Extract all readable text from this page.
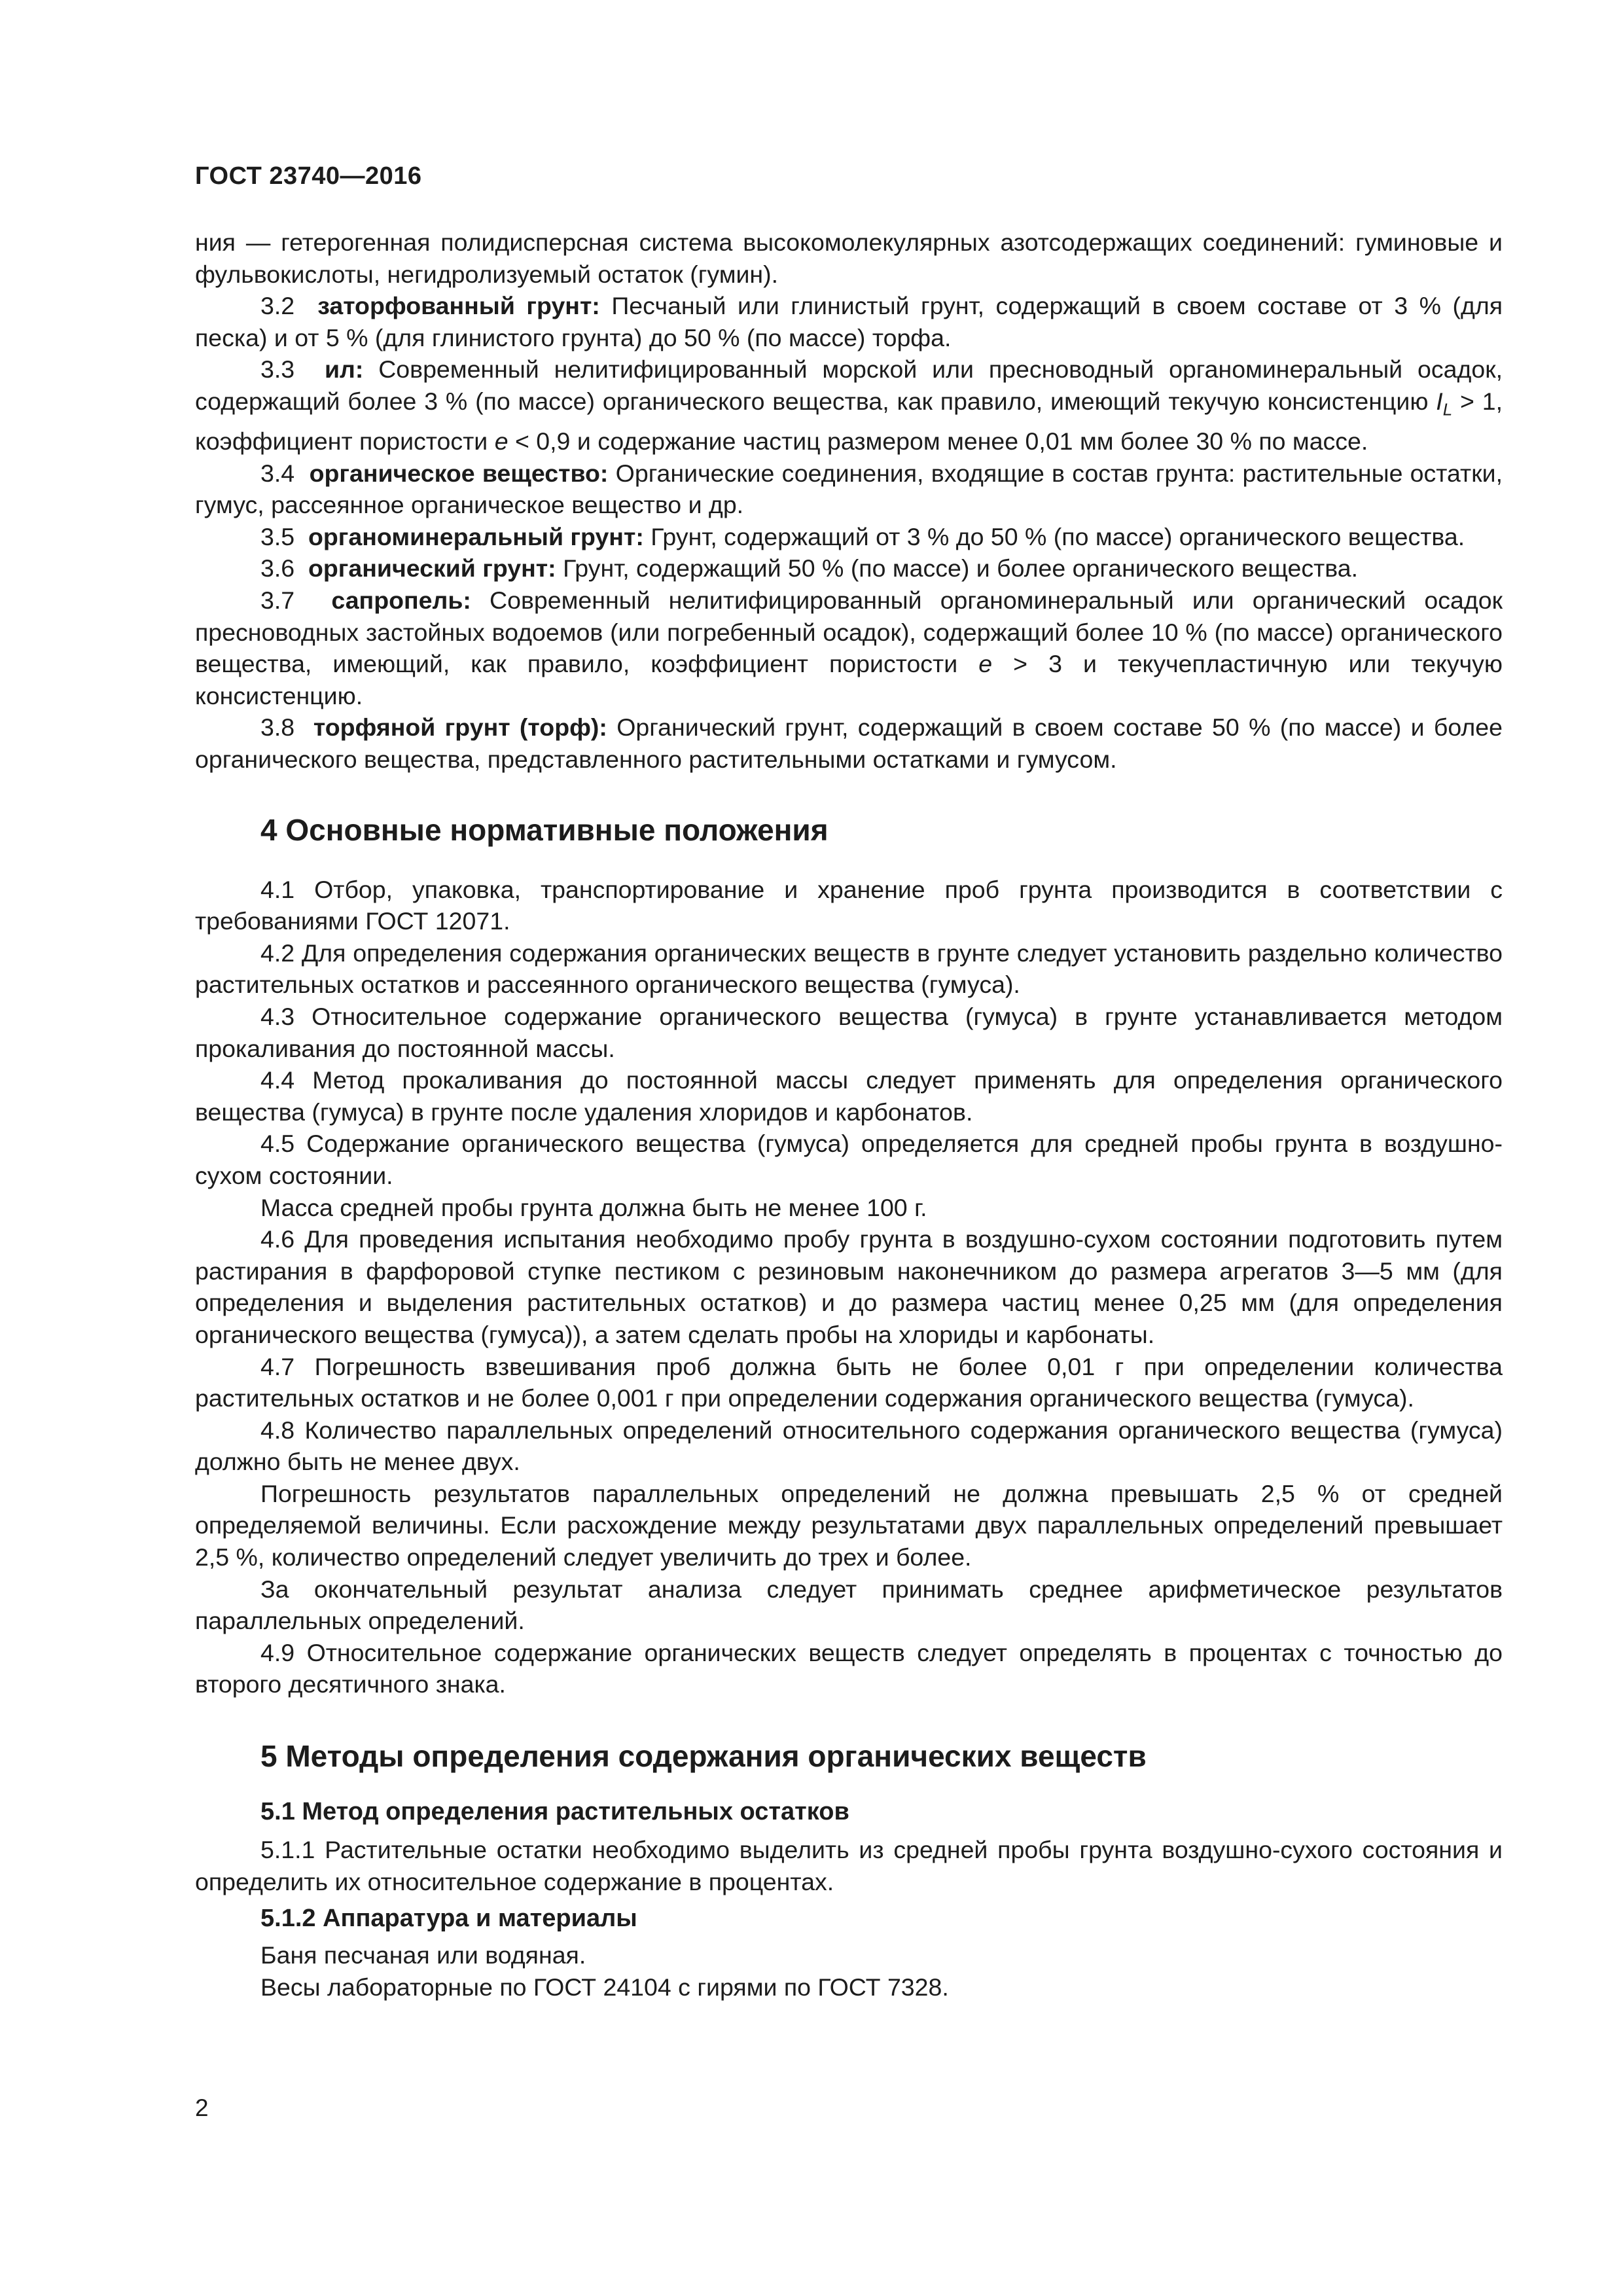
ГОСТ 23740—2016

ния — гетерогенная полидисперсная система высокомолекулярных азотсодержащих соединений: гуминовые и фульвокислоты, негидролизуемый остаток (гумин).

3.2 заторфованный грунт: Песчаный или глинистый грунт, содержащий в своем составе от 3 % (для песка) и от 5 % (для глинистого грунта) до 50 % (по массе) торфа.

3.3 ил: Современный нелитифицированный морской или пресноводный органоминеральный осадок, содержащий более 3 % (по массе) органического вещества, как правило, имеющий текучую консистенцию $I_L > 1$, коэффициент пористости e < 0,9 и содержание частиц размером менее 0,01 мм более 30 % по массе.

3.4 органическое вещество: Органические соединения, входящие в состав грунта: растительные остатки, гумус, рассеянное органическое вещество и др.

3.5 органоминеральный грунт: Грунт, содержащий от 3 % до 50 % (по массе) органического вещества.

3.6 органический грунт: Грунт, содержащий 50 % (по массе) и более органического вещества.

3.7 сапропель: Современный нелитифицированный органоминеральный или органический осадок пресноводных застойных водоемов (или погребенный осадок), содержащий более 10 % (по массе) органического вещества, имеющий, как правило, коэффициент пористости e > 3 и текучепластичную или текучую консистенцию.

3.8 торфяной грунт (торф): Органический грунт, содержащий в своем составе 50 % (по массе) и более органического вещества, представленного растительными остатками и гумусом.

4 Основные нормативные положения

4.1 Отбор, упаковка, транспортирование и хранение проб грунта производится в соответствии с требованиями ГОСТ 12071.

4.2 Для определения содержания органических веществ в грунте следует установить раздельно количество растительных остатков и рассеянного органического вещества (гумуса).

4.3 Относительное содержание органического вещества (гумуса) в грунте устанавливается методом прокаливания до постоянной массы.

4.4 Метод прокаливания до постоянной массы следует применять для определения органического вещества (гумуса) в грунте после удаления хлоридов и карбонатов.

4.5 Содержание органического вещества (гумуса) определяется для средней пробы грунта в воздушно-сухом состоянии.

Масса средней пробы грунта должна быть не менее 100 г.

4.6 Для проведения испытания необходимо пробу грунта в воздушно-сухом состоянии подготовить путем растирания в фарфоровой ступке пестиком с резиновым наконечником до размера агрегатов 3—5 мм (для определения и выделения растительных остатков) и до размера частиц менее 0,25 мм (для определения органического вещества (гумуса)), а затем сделать пробы на хлориды и карбонаты.

4.7 Погрешность взвешивания проб должна быть не более 0,01 г при определении количества растительных остатков и не более 0,001 г при определении содержания органического вещества (гумуса).

4.8 Количество параллельных определений относительного содержания органического вещества (гумуса) должно быть не менее двух.

Погрешность результатов параллельных определений не должна превышать 2,5 % от средней определяемой величины. Если расхождение между результатами двух параллельных определений превышает 2,5 %, количество определений следует увеличить до трех и более.

За окончательный результат анализа следует принимать среднее арифметическое результатов параллельных определений.

4.9 Относительное содержание органических веществ следует определять в процентах с точностью до второго десятичного знака.

5 Методы определения содержания органических веществ
5.1 Метод определения растительных остатков

5.1.1 Растительные остатки необходимо выделить из средней пробы грунта воздушно-сухого состояния и определить их относительное содержание в процентах.

5.1.2 Аппаратура и материалы

Баня песчаная или водяная.

Весы лабораторные по ГОСТ 24104 с гирями по ГОСТ 7328.

2
